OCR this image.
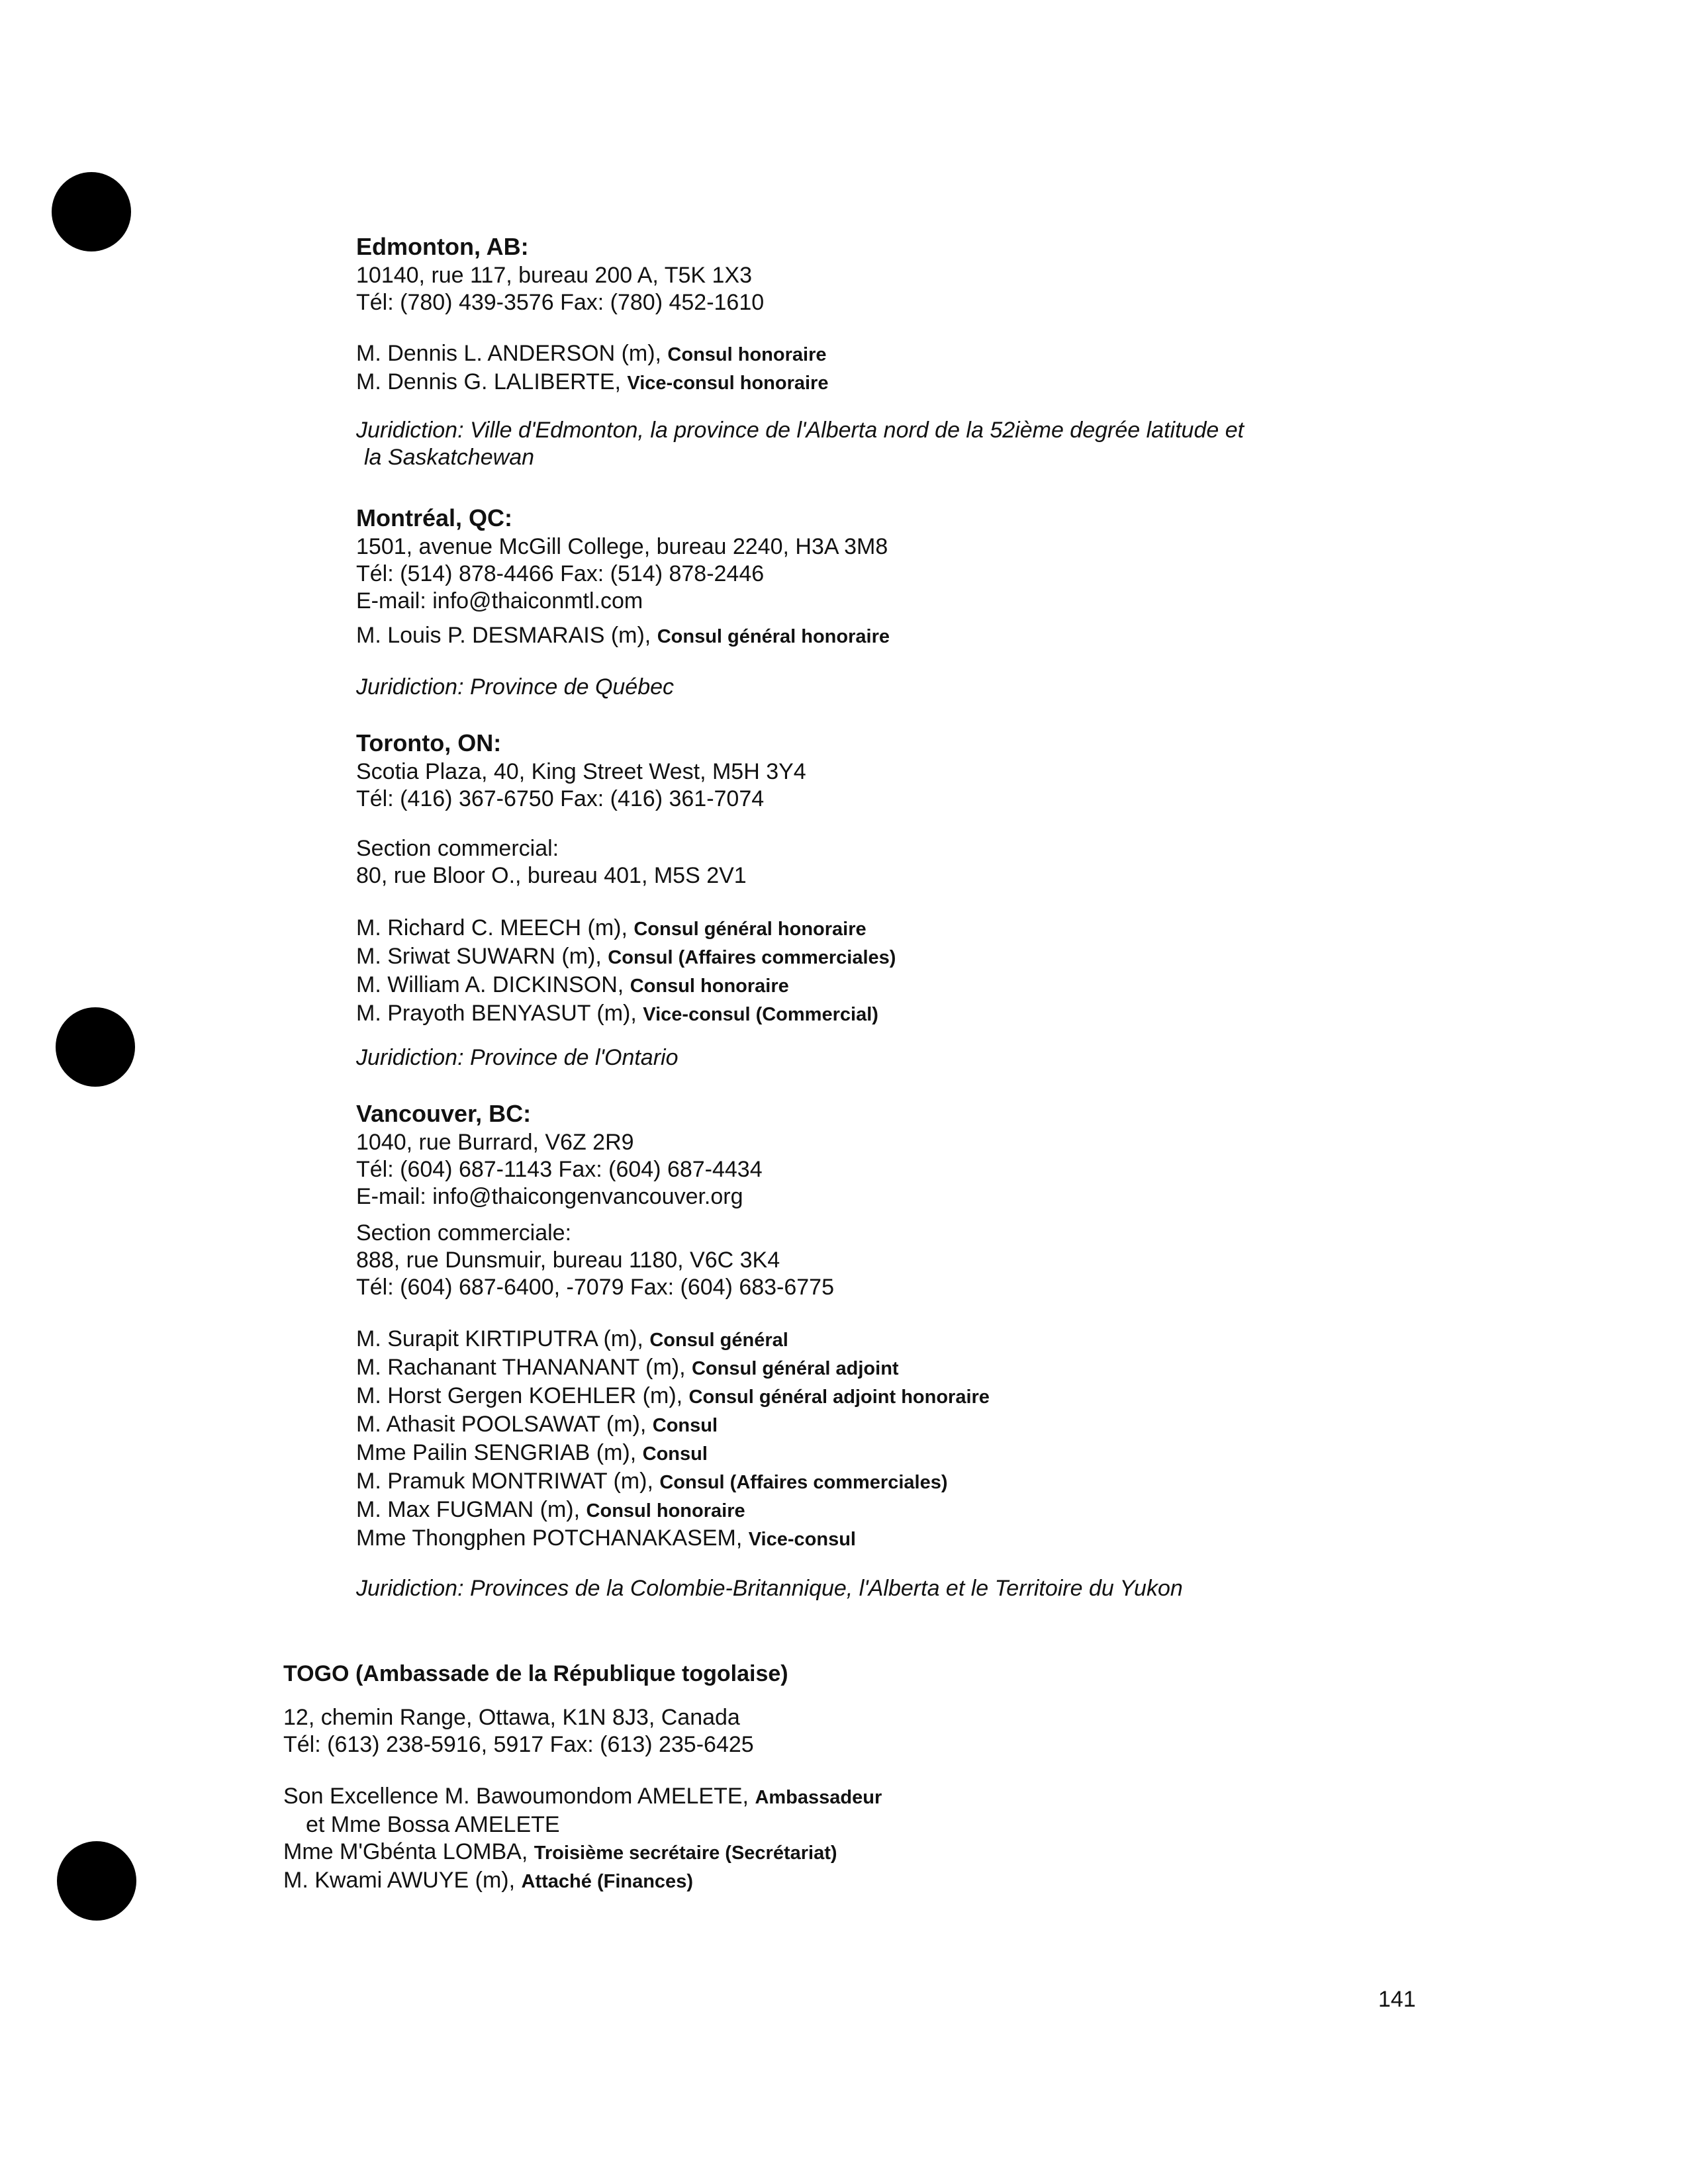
Edmonton, AB:
10140, rue 117, bureau 200 A, T5K 1X3
Tél: (780) 439-3576 Fax: (780) 452-1610
M. Dennis L. ANDERSON (m), Consul honoraire
M. Dennis G. LALIBERTE, Vice-consul honoraire
Juridiction: Ville d'Edmonton, la province de l'Alberta nord de la 52ième degrée latitude et
la Saskatchewan
Montréal, QC:
1501, avenue McGill College, bureau 2240, H3A 3M8
Tél: (514) 878-4466 Fax: (514) 878-2446
E-mail: info@thaiconmtl.com
M. Louis P. DESMARAIS (m), Consul général honoraire
Juridiction: Province de Québec
Toronto, ON:
Scotia Plaza, 40, King Street West, M5H 3Y4
Tél: (416) 367-6750 Fax: (416) 361-7074
Section commercial:
80, rue Bloor O., bureau 401, M5S 2V1
M. Richard C. MEECH (m), Consul général honoraire
M. Sriwat SUWARN (m), Consul (Affaires commerciales)
M. William A. DICKINSON, Consul honoraire
M. Prayoth BENYASUT (m), Vice-consul (Commercial)
Juridiction: Province de l'Ontario
Vancouver, BC:
1040, rue Burrard, V6Z 2R9
Tél: (604) 687-1143 Fax: (604) 687-4434
E-mail: info@thaicongenvancouver.org
Section commerciale:
888, rue Dunsmuir, bureau 1180, V6C 3K4
Tél: (604) 687-6400, -7079 Fax: (604) 683-6775
M. Surapit KIRTIPUTRA (m), Consul général
M. Rachanant THANANANT (m), Consul général adjoint
M. Horst Gergen KOEHLER (m), Consul général adjoint honoraire
M. Athasit POOLSAWAT (m), Consul
Mme Pailin SENGRIAB (m), Consul
M. Pramuk MONTRIWAT (m), Consul (Affaires commerciales)
M. Max FUGMAN (m), Consul honoraire
Mme Thongphen POTCHANAKASEM, Vice-consul
Juridiction: Provinces de la Colombie-Britannique, l'Alberta et le Territoire du Yukon
TOGO (Ambassade de la République togolaise)
12, chemin Range, Ottawa, K1N 8J3, Canada
Tél: (613) 238-5916, 5917 Fax: (613) 235-6425
Son Excellence M. Bawoumondom AMELETE, Ambassadeur
et Mme Bossa AMELETE
Mme M'Gbénta LOMBA, Troisième secrétaire (Secrétariat)
M. Kwami AWUYE (m), Attaché (Finances)
141
